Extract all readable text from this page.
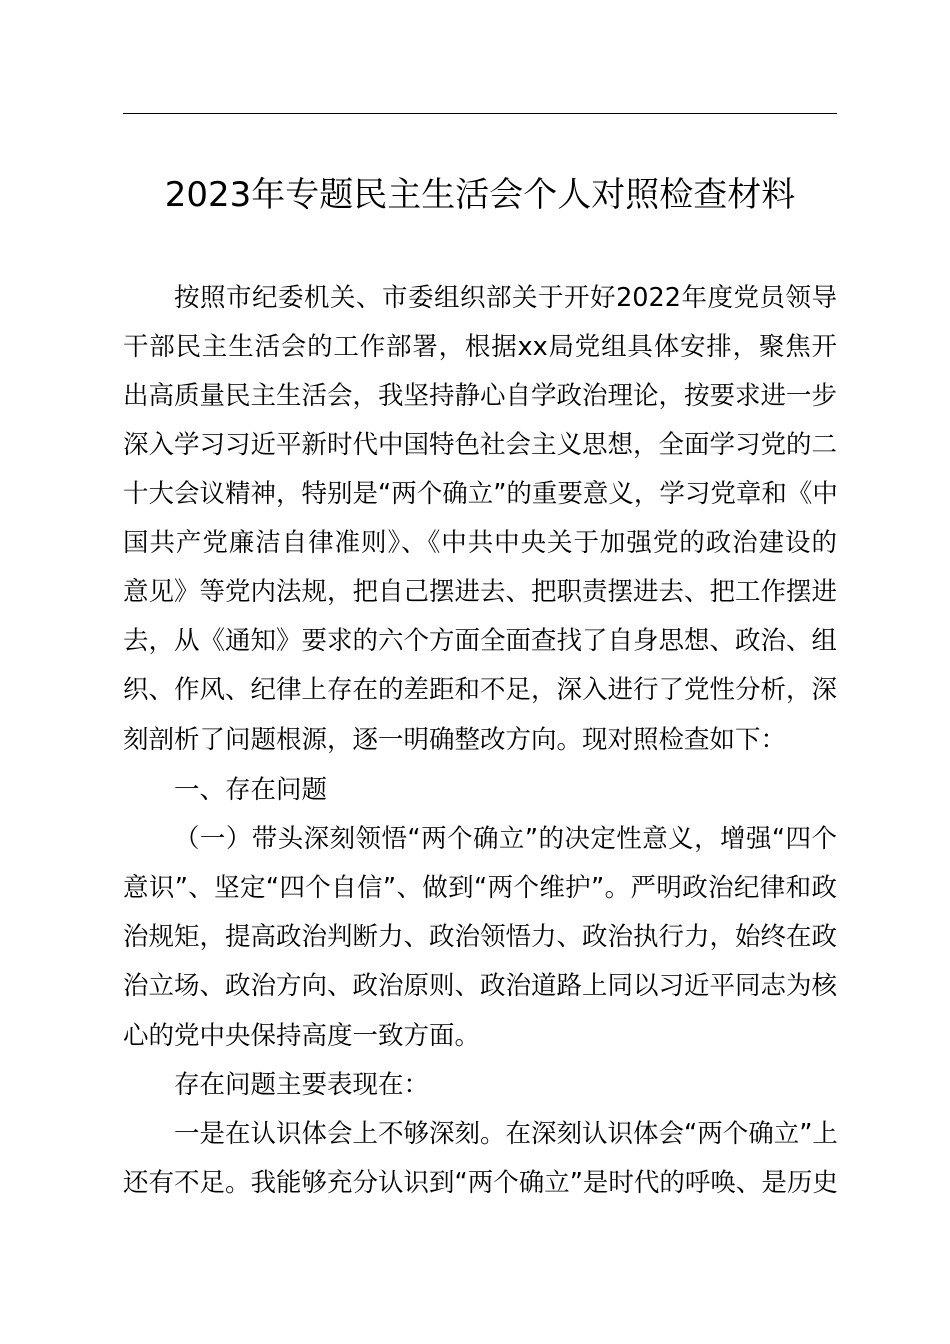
2023年专题民主生活会个人对照检查材料

按照市纪委机关、市委组织部关于开好2022年度党员领导

干部民主生活会的工作部署，根据xx局党组具体安排，聚焦开

出高质量民主生活会，我坚持静心自学政治理论，按要求进一步

深入学习习近平新时代中国特色社会主义思想，全面学习党的二

十大会议精神，特别是“两个确立”的重要意义，学习党章和《中

国共产党廉洁自律准则》、《中共中央关于加强党的政治建设的

意见》等党内法规，把自己摆进去、把职责摆进去、把工作摆进

去，从《通知》要求的六个方面全面查找了自身思想、政治、组

织、作风、纪律上存在的差距和不足，深入进行了党性分析，深

刻剖析了问题根源，逐一明确整改方向。现对照检查如下：

一、存在问题

（一）带头深刻领悟“两个确立”的决定性意义，增强“四个

意识”、坚定“四个自信”、做到“两个维护”。严明政治纪律和政

治规矩，提高政治判断力、政治领悟力、政治执行力，始终在政

治立场、政治方向、政治原则、政治道路上同以习近平同志为核

心的党中央保持高度一致方面。

存在问题主要表现在：

一是在认识体会上不够深刻。在深刻认识体会“两个确立”上

还有不足。我能够充分认识到“两个确立”是时代的呼唤、是历史
